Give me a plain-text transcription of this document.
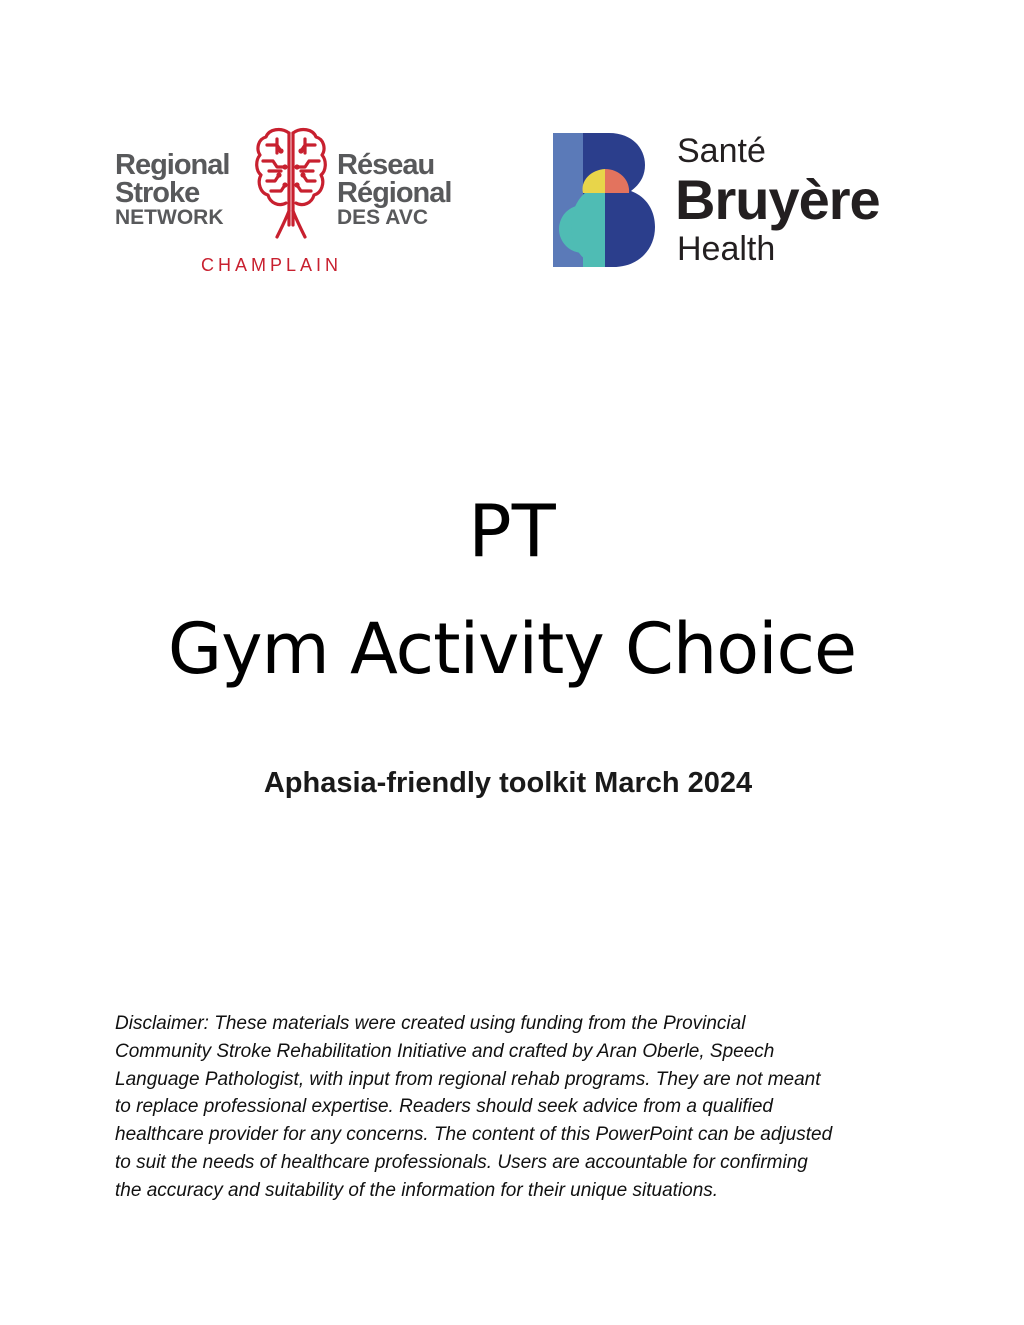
Regional
Stroke
NETWORK
Réseau
Régional
DES AVC
CHAMPLAIN
Santé
Bruyère
Health
PT
Gym Activity Choice
Aphasia-friendly toolkit March 2024
Disclaimer: These materials were created using funding from the Provincial
Community Stroke Rehabilitation Initiative and crafted by Aran Oberle, Speech
Language Pathologist, with input from regional rehab programs. They are not meant
to replace professional expertise. Readers should seek advice from a qualified
healthcare provider for any concerns. The content of this PowerPoint can be adjusted
to suit the needs of healthcare professionals. Users are accountable for confirming
the accuracy and suitability of the information for their unique situations.
